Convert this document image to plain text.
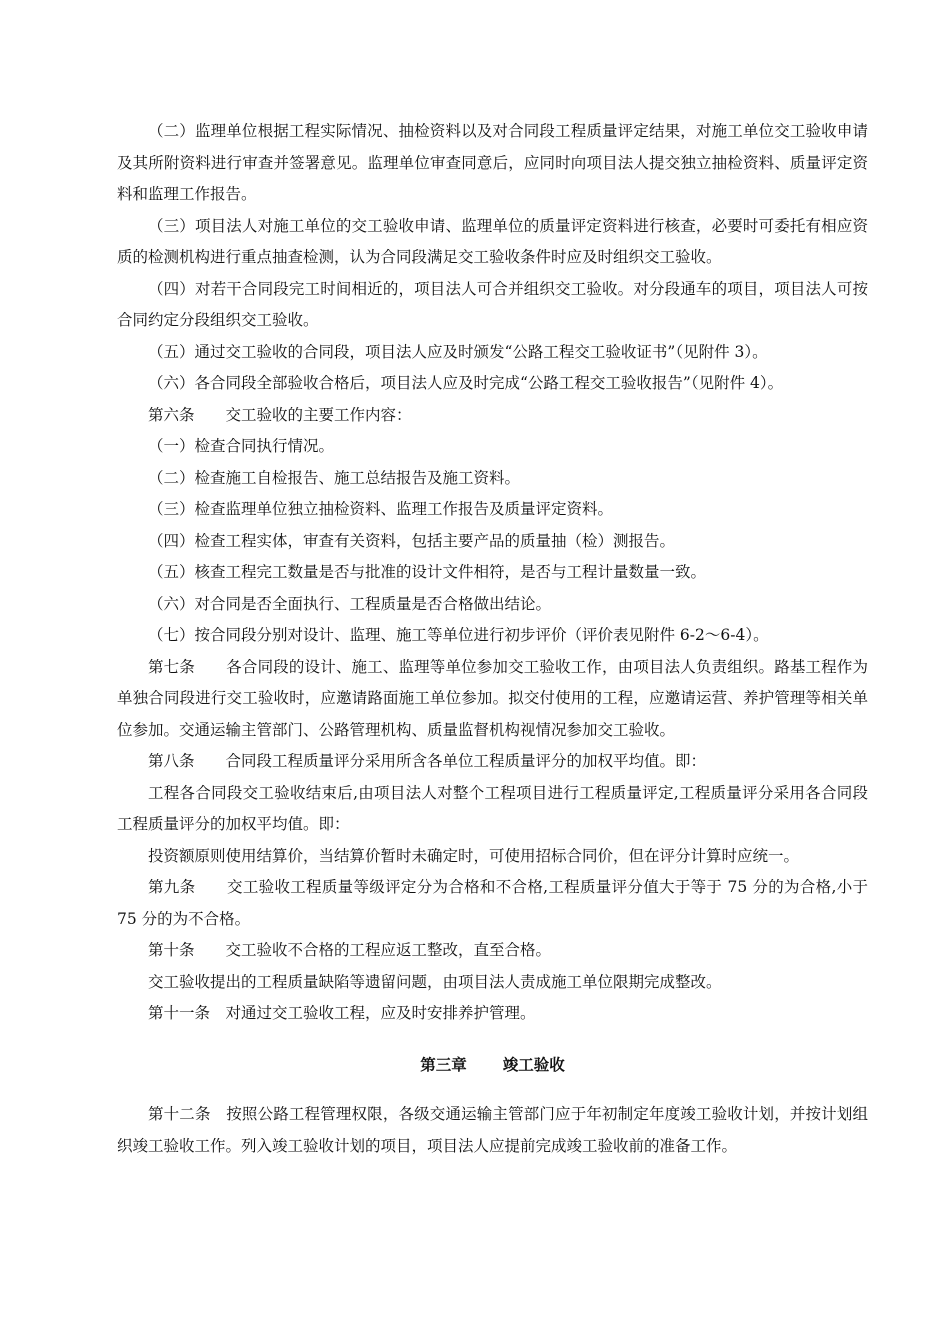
（二）监理单位根据工程实际情况、抽检资料以及对合同段工程质量评定结果，对施工单位交工验收申请及其所附资料进行审查并签署意见。监理单位审查同意后，应同时向项目法人提交独立抽检资料、质量评定资料和监理工作报告。

（三）项目法人对施工单位的交工验收申请、监理单位的质量评定资料进行核查，必要时可委托有相应资质的检测机构进行重点抽查检测，认为合同段满足交工验收条件时应及时组织交工验收。

（四）对若干合同段完工时间相近的，项目法人可合并组织交工验收。对分段通车的项目，项目法人可按合同约定分段组织交工验收。

（五）通过交工验收的合同段，项目法人应及时颁发“公路工程交工验收证书”（见附件 3）。

（六）各合同段全部验收合格后，项目法人应及时完成“公路工程交工验收报告”（见附件 4）。

第六条　　交工验收的主要工作内容：

（一）检查合同执行情况。

（二）检查施工自检报告、施工总结报告及施工资料。

（三）检查监理单位独立抽检资料、监理工作报告及质量评定资料。

（四）检查工程实体，审查有关资料，包括主要产品的质量抽（检）测报告。

（五）核查工程完工数量是否与批准的设计文件相符，是否与工程计量数量一致。

（六）对合同是否全面执行、工程质量是否合格做出结论。

（七）按合同段分别对设计、监理、施工等单位进行初步评价（评价表见附件 6-2～6-4）。

第七条　　各合同段的设计、施工、监理等单位参加交工验收工作，由项目法人负责组织。路基工程作为单独合同段进行交工验收时，应邀请路面施工单位参加。拟交付使用的工程，应邀请运营、养护管理等相关单位参加。交通运输主管部门、公路管理机构、质量监督机构视情况参加交工验收。

第八条　　合同段工程质量评分采用所含各单位工程质量评分的加权平均值。即：

工程各合同段交工验收结束后,由项目法人对整个工程项目进行工程质量评定,工程质量评分采用各合同段工程质量评分的加权平均值。即：

投资额原则使用结算价，当结算价暂时未确定时，可使用招标合同价，但在评分计算时应统一。

第九条　　交工验收工程质量等级评定分为合格和不合格,工程质量评分值大于等于 75 分的为合格,小于 75 分的为不合格。

第十条　　交工验收不合格的工程应返工整改，直至合格。

交工验收提出的工程质量缺陷等遗留问题，由项目法人责成施工单位限期完成整改。

第十一条　对通过交工验收工程，应及时安排养护管理。

第三章 竣工验收

第十二条　按照公路工程管理权限，各级交通运输主管部门应于年初制定年度竣工验收计划，并按计划组织竣工验收工作。列入竣工验收计划的项目，项目法人应提前完成竣工验收前的准备工作。
